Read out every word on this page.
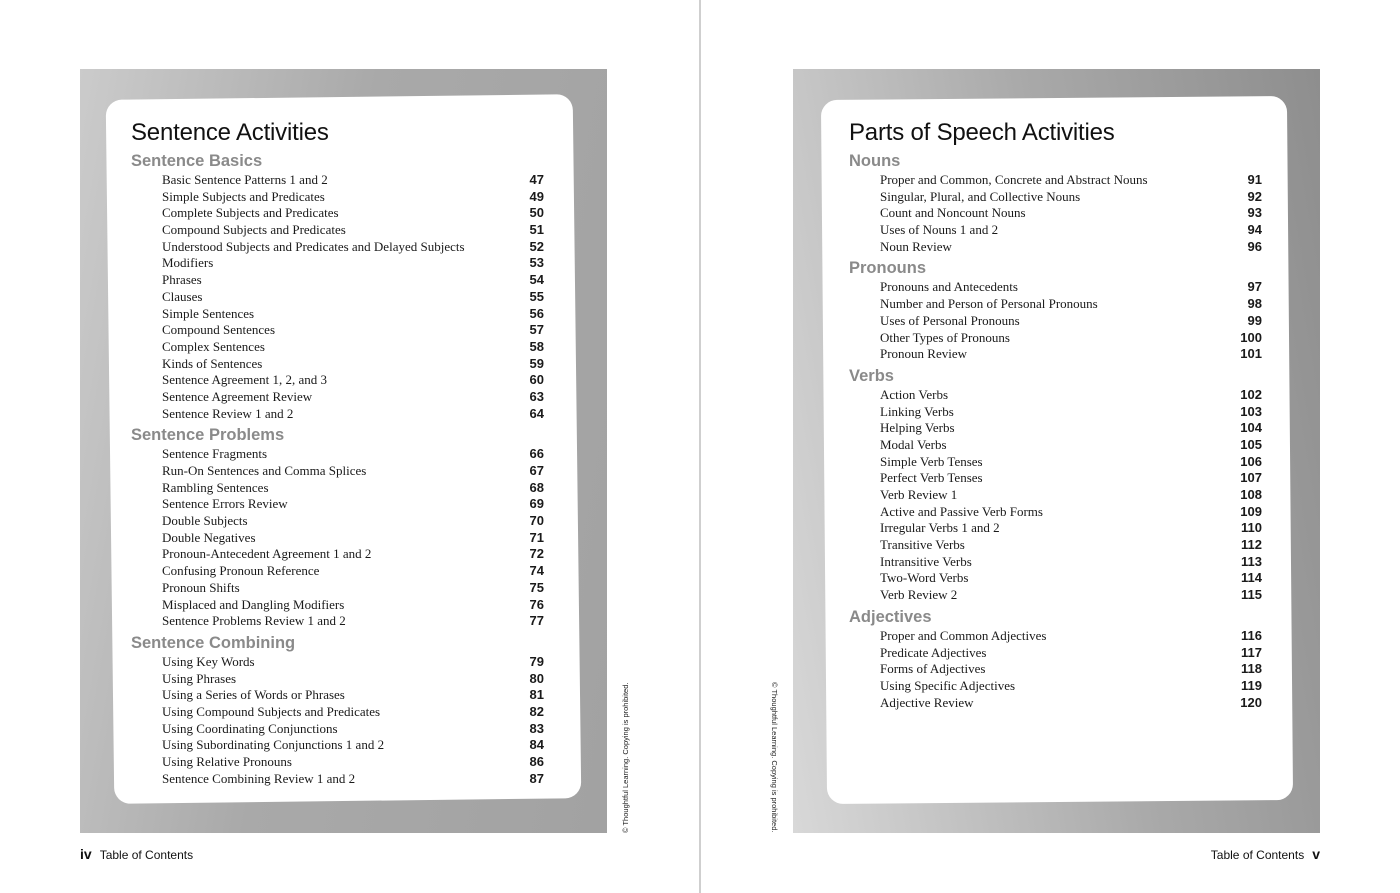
Sentence Activities
Sentence Basics
Basic Sentence Patterns 1 and 2	47
Simple Subjects and Predicates	49
Complete Subjects and Predicates	50
Compound Subjects and Predicates	51
Understood Subjects and Predicates and Delayed Subjects	52
Modifiers	53
Phrases	54
Clauses	55
Simple Sentences	56
Compound Sentences	57
Complex Sentences	58
Kinds of Sentences	59
Sentence Agreement 1, 2, and 3	60
Sentence Agreement Review	63
Sentence Review 1 and 2	64
Sentence Problems
Sentence Fragments	66
Run-On Sentences and Comma Splices	67
Rambling Sentences	68
Sentence Errors Review	69
Double Subjects	70
Double Negatives	71
Pronoun-Antecedent Agreement 1 and 2	72
Confusing Pronoun Reference	74
Pronoun Shifts	75
Misplaced and Dangling Modifiers	76
Sentence Problems Review 1 and 2	77
Sentence Combining
Using Key Words	79
Using Phrases	80
Using a Series of Words or Phrases	81
Using Compound Subjects and Predicates	82
Using Coordinating Conjunctions	83
Using Subordinating Conjunctions 1 and 2	84
Using Relative Pronouns	86
Sentence Combining Review 1 and 2	87	© Thoughtful Learning. Copying is prohibited.
iv Table of Contents
Parts of Speech Activities
Nouns
Proper and Common, Concrete and Abstract Nouns	91
Singular, Plural, and Collective Nouns	92
Count and Noncount Nouns	93
Uses of Nouns 1 and 2	94
Noun Review	96
Pronouns
Pronouns and Antecedents	97
Number and Person of Personal Pronouns	98
Uses of Personal Pronouns	99
Other Types of Pronouns	100
Pronoun Review	101
Verbs
Action Verbs	102
Linking Verbs	103
Helping Verbs	104
Modal Verbs	105
Simple Verb Tenses	106
Perfect Verb Tenses	107
Verb Review 1	108
Active and Passive Verb Forms	109
Irregular Verbs 1 and 2	110
Transitive Verbs	112
Intransitive Verbs	113
Two-Word Verbs	114
Verb Review 2	115
Adjectives
Proper and Common Adjectives	116
Predicate Adjectives	117
Forms of Adjectives	118
Using Specific Adjectives	119
Adjective Review	120
© Thoughtful Learning. Copying is prohibited.
Table of Contents v
